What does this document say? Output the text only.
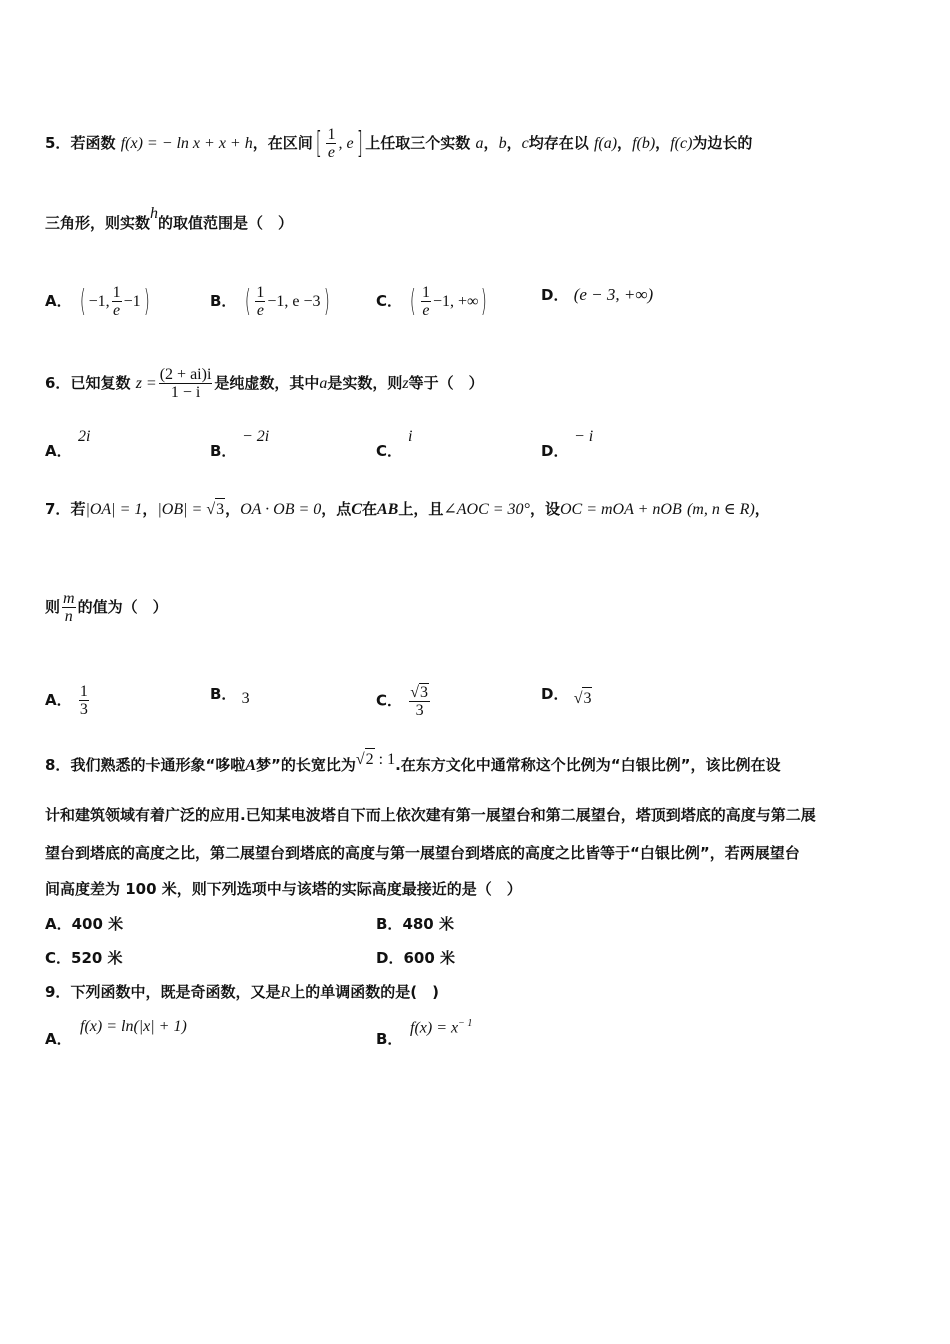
5．若函数 f(x) = − ln x + x + h，在区间[ $\frac{1}{e}$ , e] 上任取三个实数 a，b，c均存在以 f(a)，f(b)，f(c)为边长的
三角形，则实数h的取值范围是（　）
A． ( −1, $\frac{1}{e} -1$)	B． ( $\frac{1}{e} -1$, e −3)	C． ( $\frac{1}{e} -1$, +∞)	D． (e − 3, +∞)
6．已知复数 $z = \frac{(2 + ai)i}{1 - i}$ 是纯虚数，其中a是实数，则z等于（　）
A．
2i
B．
− 2i
C．
i
D．
− i
7．若|OA| = 1，|OB| = √3，OA · OB = 0，点C在AB上，且∠AOC = 30°，设OC = mOA + nOB (m, n ∈ R)，
则 $\frac{m}{n}$ 的值为（　）
A． $\frac{1}{3}$	B． 3	C． $\frac{√3}{3}$	D． √3
8．我们熟悉的卡通形象“哆啦A梦”的长宽比为√2 : 1.在东方文化中通常称这个比例为“白银比例”，该比例在设
计和建筑领域有着广泛的应用.已知某电波塔自下而上依次建有第一展望台和第二展望台，塔顶到塔底的高度与第二展
望台到塔底的高度之比，第二展望台到塔底的高度与第一展望台到塔底的高度之比皆等于“白银比例”，若两展望台
间高度差为 100 米，则下列选项中与该塔的实际高度最接近的是（　）
A．400 米	B．480 米
C．520 米	D．600 米
9．下列函数中，既是奇函数，又是R上的单调函数的是(　)
A．
f(x) = ln(|x| + 1)
B．
$f(x) = x^{- 1}$
